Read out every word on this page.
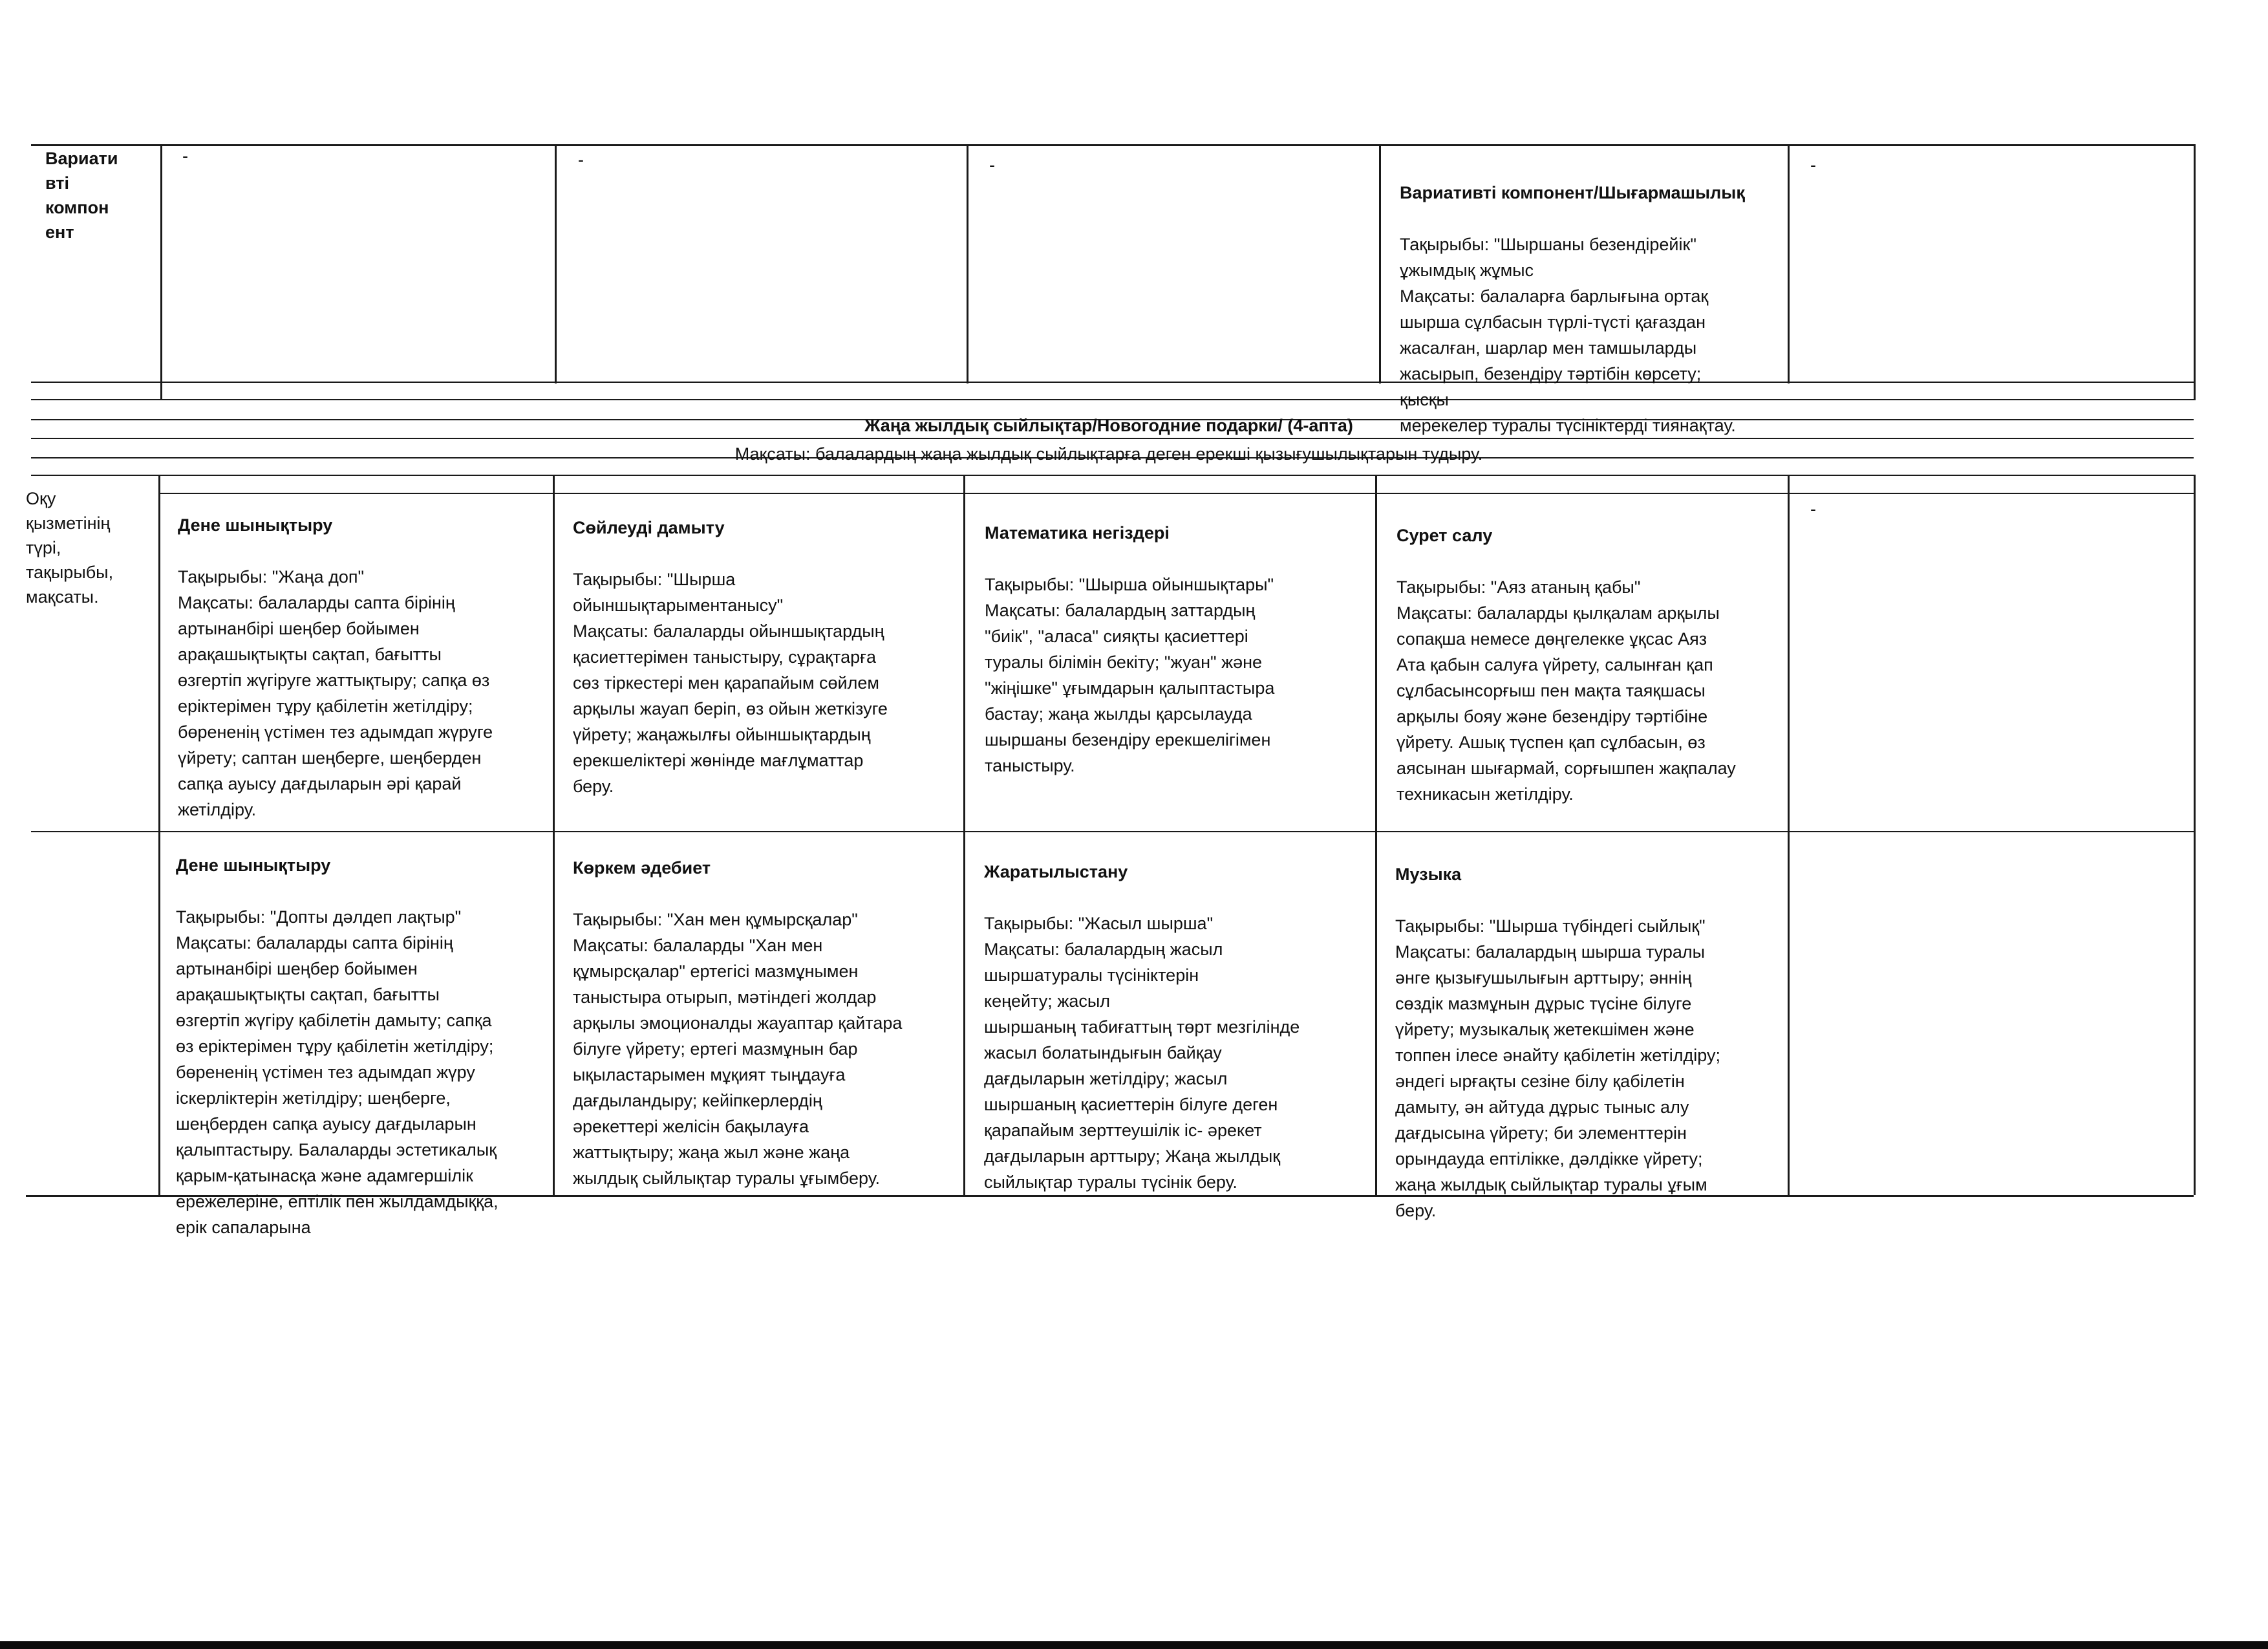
Вариати
вті
компон
ент
-	-	-

Вариативті компонент/Шығармашылық

Тақырыбы: "Шыршаны безендірейік"
ұжымдық жұмыс
Мақсаты: балаларға барлығына ортақ
шырша сұлбасын түрлі-түсті қағаздан
жасалған, шарлар мен тамшыларды
жасырып, безендіру тәртібін көрсету;
қысқы
мерекелер туралы түсініктерді тиянақтау.

-
Жаңа жылдық сыйлықтар/Новогодние подарки/ (4-апта)
Мақсаты: балалардың жаңа жылдық сыйлықтарға деген ерекші қызығушылықтарын тудыру.
Оқу
қызметінің
түрі,
тақырыбы,
мақсаты.

Дене шынықтыру

Тақырыбы: "Жаңа доп"
Мақсаты: балаларды сапта бірінің
артынанбірі шеңбер бойымен
арақашықтықты сақтап, бағытты
өзгертіп жүгіруге жаттықтыру; сапқа өз
еріктерімен тұру қабілетін жетілдіру;
бөрененің үстімен тез адымдап жүруге
үйрету; саптан шеңберге, шеңберден
сапқа ауысу дағдыларын әрі қарай
жетілдіру.

Сөйлеуді дамыту

Тақырыбы: "Шырша
ойыншықтарыментанысу"
Мақсаты: балаларды ойыншықтардың
қасиеттерімен таныстыру, сұрақтарға
сөз тіркестері мен қарапайым сөйлем
арқылы жауап беріп, өз ойын жеткізуге
үйрету; жаңажылғы ойыншықтардың
ерекшеліктері жөнінде мағлұматтар
беру.

Математика негіздері

Тақырыбы: "Шырша ойыншықтары"
Мақсаты: балалардың заттардың
"биік", "аласа" сияқты қасиеттері
туралы білімін бекіту; "жуан" және
"жіңішке" ұғымдарын қалыптастыра
бастау; жаңа жылды қарсылауда
шыршаны безендіру ерекшелігімен
таныстыру.

Сурет салу

Тақырыбы: "Аяз атаның қабы"
Мақсаты: балаларды қылқалам арқылы
сопақша немесе дөңгелекке ұқсас Аяз
Ата қабын салуға үйрету, салынған қап
сұлбасынсорғыш пен мақта таяқшасы
арқылы бояу және безендіру тәртібіне
үйрету. Ашық түспен қап сұлбасын, өз
аясынан шығармай, сорғышпен жақпалау
техникасын жетілдіру.

-

Дене шынықтыру

Тақырыбы: "Допты дәлдеп лақтыр"
Мақсаты: балаларды сапта бірінің
артынанбірі шеңбер бойымен
арақашықтықты сақтап, бағытты
өзгертіп жүгіру қабілетін дамыту; сапқа
өз еріктерімен тұру қабілетін жетілдіру;
бөрененің үстімен тез адымдап жүру
іскерліктерін жетілдіру; шеңберге,
шеңберден сапқа ауысу дағдыларын
қалыптастыру. Балаларды эстетикалық
қарым-қатынасқа және адамгершілік
ережелеріне, ептілік пен жылдамдыққа,
ерік сапаларына

Көркем әдебиет

Тақырыбы: "Хан мен құмырсқалар"
Мақсаты: балаларды "Хан мен
құмырсқалар" ертегісі мазмұнымен
таныстыра отырып, мәтіндегі жолдар
арқылы эмоционалды жауаптар қайтара
білуге үйрету; ертегі мазмұнын бар
ықыластарымен мұқият тыңдауға
дағдыландыру; кейіпкерлердің
әрекеттері желісін бақылауға
жаттықтыру; жаңа жыл және жаңа
жылдық сыйлықтар туралы ұғымберу.

Жаратылыстану

Тақырыбы: "Жасыл шырша"
Мақсаты: балалардың жасыл
шыршатуралы түсініктерін
кеңейту; жасыл
шыршаның табиғаттың төрт мезгілінде
жасыл болатындығын байқау
дағдыларын жетілдіру; жасыл
шыршаның қасиеттерін білуге деген
қарапайым зерттеушілік іс- әрекет
дағдыларын арттыру; Жаңа жылдық
сыйлықтар туралы түсінік беру.

Музыка

Тақырыбы: "Шырша түбіндегі сыйлық"
Мақсаты: балалардың шырша туралы
әнге қызығушылығын арттыру; әннің
сөздік мазмұнын дұрыс түсіне білуге
үйрету; музыкалық жетекшімен және
топпен ілесе әнайту қабілетін жетілдіру;
әндегі ырғақты сезіне білу қабілетін
дамыту, ән айтуда дұрыс тыныс алу
дағдысына үйрету; би элементтерін
орындауда ептілікке, дәлдікке үйрету;
жаңа жылдық сыйлықтар туралы ұғым
беру.
